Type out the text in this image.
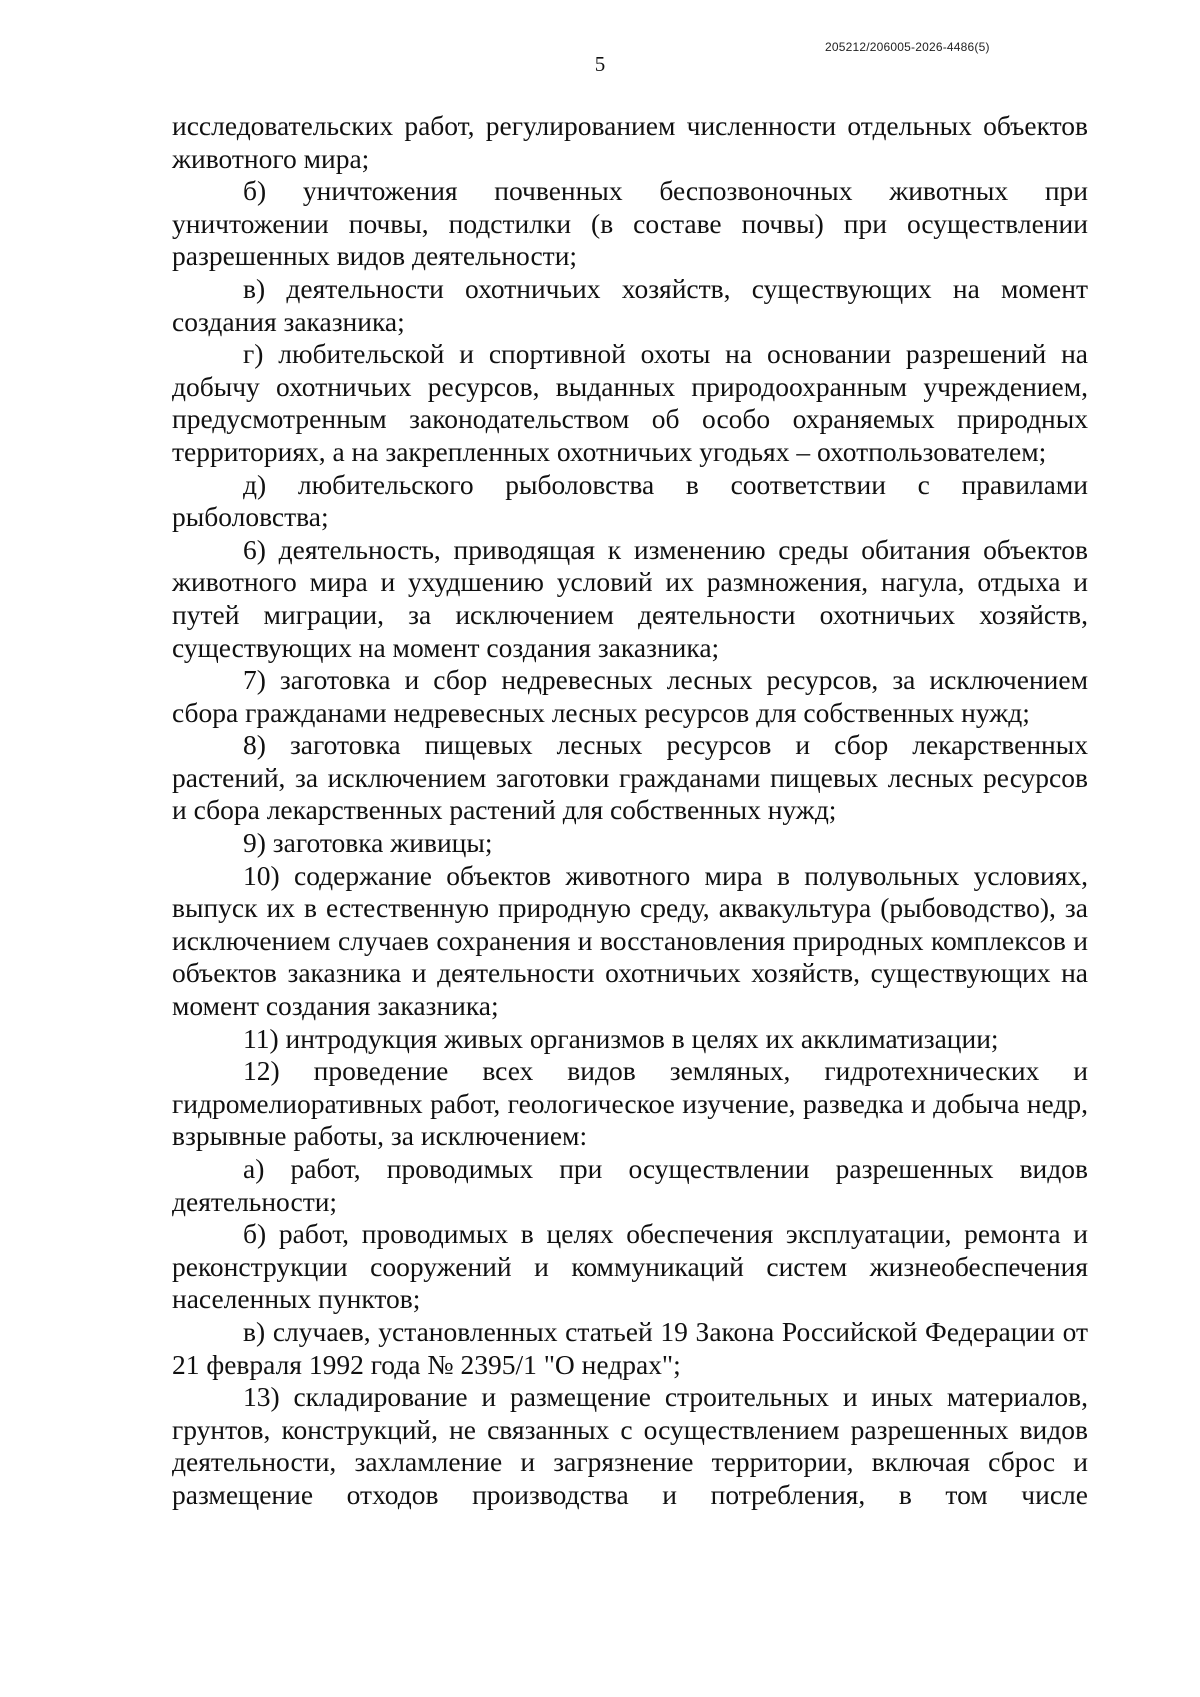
205212/206005-2026-4486(5)
5

исследовательских работ, регулированием численности отдельных объектов животного мира;

б) уничтожения почвенных беспозвоночных животных при уничтожении почвы, подстилки (в составе почвы) при осуществлении разрешенных видов деятельности;

в) деятельности охотничьих хозяйств, существующих на момент создания заказника;

г) любительской и спортивной охоты на основании разрешений на добычу охотничьих ресурсов, выданных природоохранным учреждением, предусмотренным законодательством об особо охраняемых природных территориях, а на закрепленных охотничьих угодьях – охотпользователем;

д) любительского рыболовства в соответствии с правилами рыболовства;

6) деятельность, приводящая к изменению среды обитания объектов животного мира и ухудшению условий их размножения, нагула, отдыха и путей миграции, за исключением деятельности охотничьих хозяйств, существующих на момент создания заказника;

7) заготовка и сбор недревесных лесных ресурсов, за исключением сбора гражданами недревесных лесных ресурсов для собственных нужд;

8) заготовка пищевых лесных ресурсов и сбор лекарственных растений, за исключением заготовки гражданами пищевых лесных ресурсов и сбора лекарственных растений для собственных нужд;

9) заготовка живицы;

10) содержание объектов животного мира в полувольных условиях, выпуск их в естественную природную среду, аквакультура (рыбоводство), за исключением случаев сохранения и восстановления природных комплексов и объектов заказника и деятельности охотничьих хозяйств, существующих на момент создания заказника;

11) интродукция живых организмов в целях их акклиматизации;

12) проведение всех видов земляных, гидротехнических и гидромелиоративных работ, геологическое изучение, разведка и добыча недр, взрывные работы, за исключением:

а) работ, проводимых при осуществлении разрешенных видов деятельности;

б) работ, проводимых в целях обеспечения эксплуатации, ремонта и реконструкции сооружений и коммуникаций систем жизнеобеспечения населенных пунктов;

в) случаев, установленных статьей 19 Закона Российской Федерации от 21 февраля 1992 года № 2395/1 "О недрах";

13) складирование и размещение строительных и иных материалов, грунтов, конструкций, не связанных с осуществлением разрешенных видов деятельности, захламление и загрязнение территории, включая сброс и размещение отходов производства и потребления, в том числе
